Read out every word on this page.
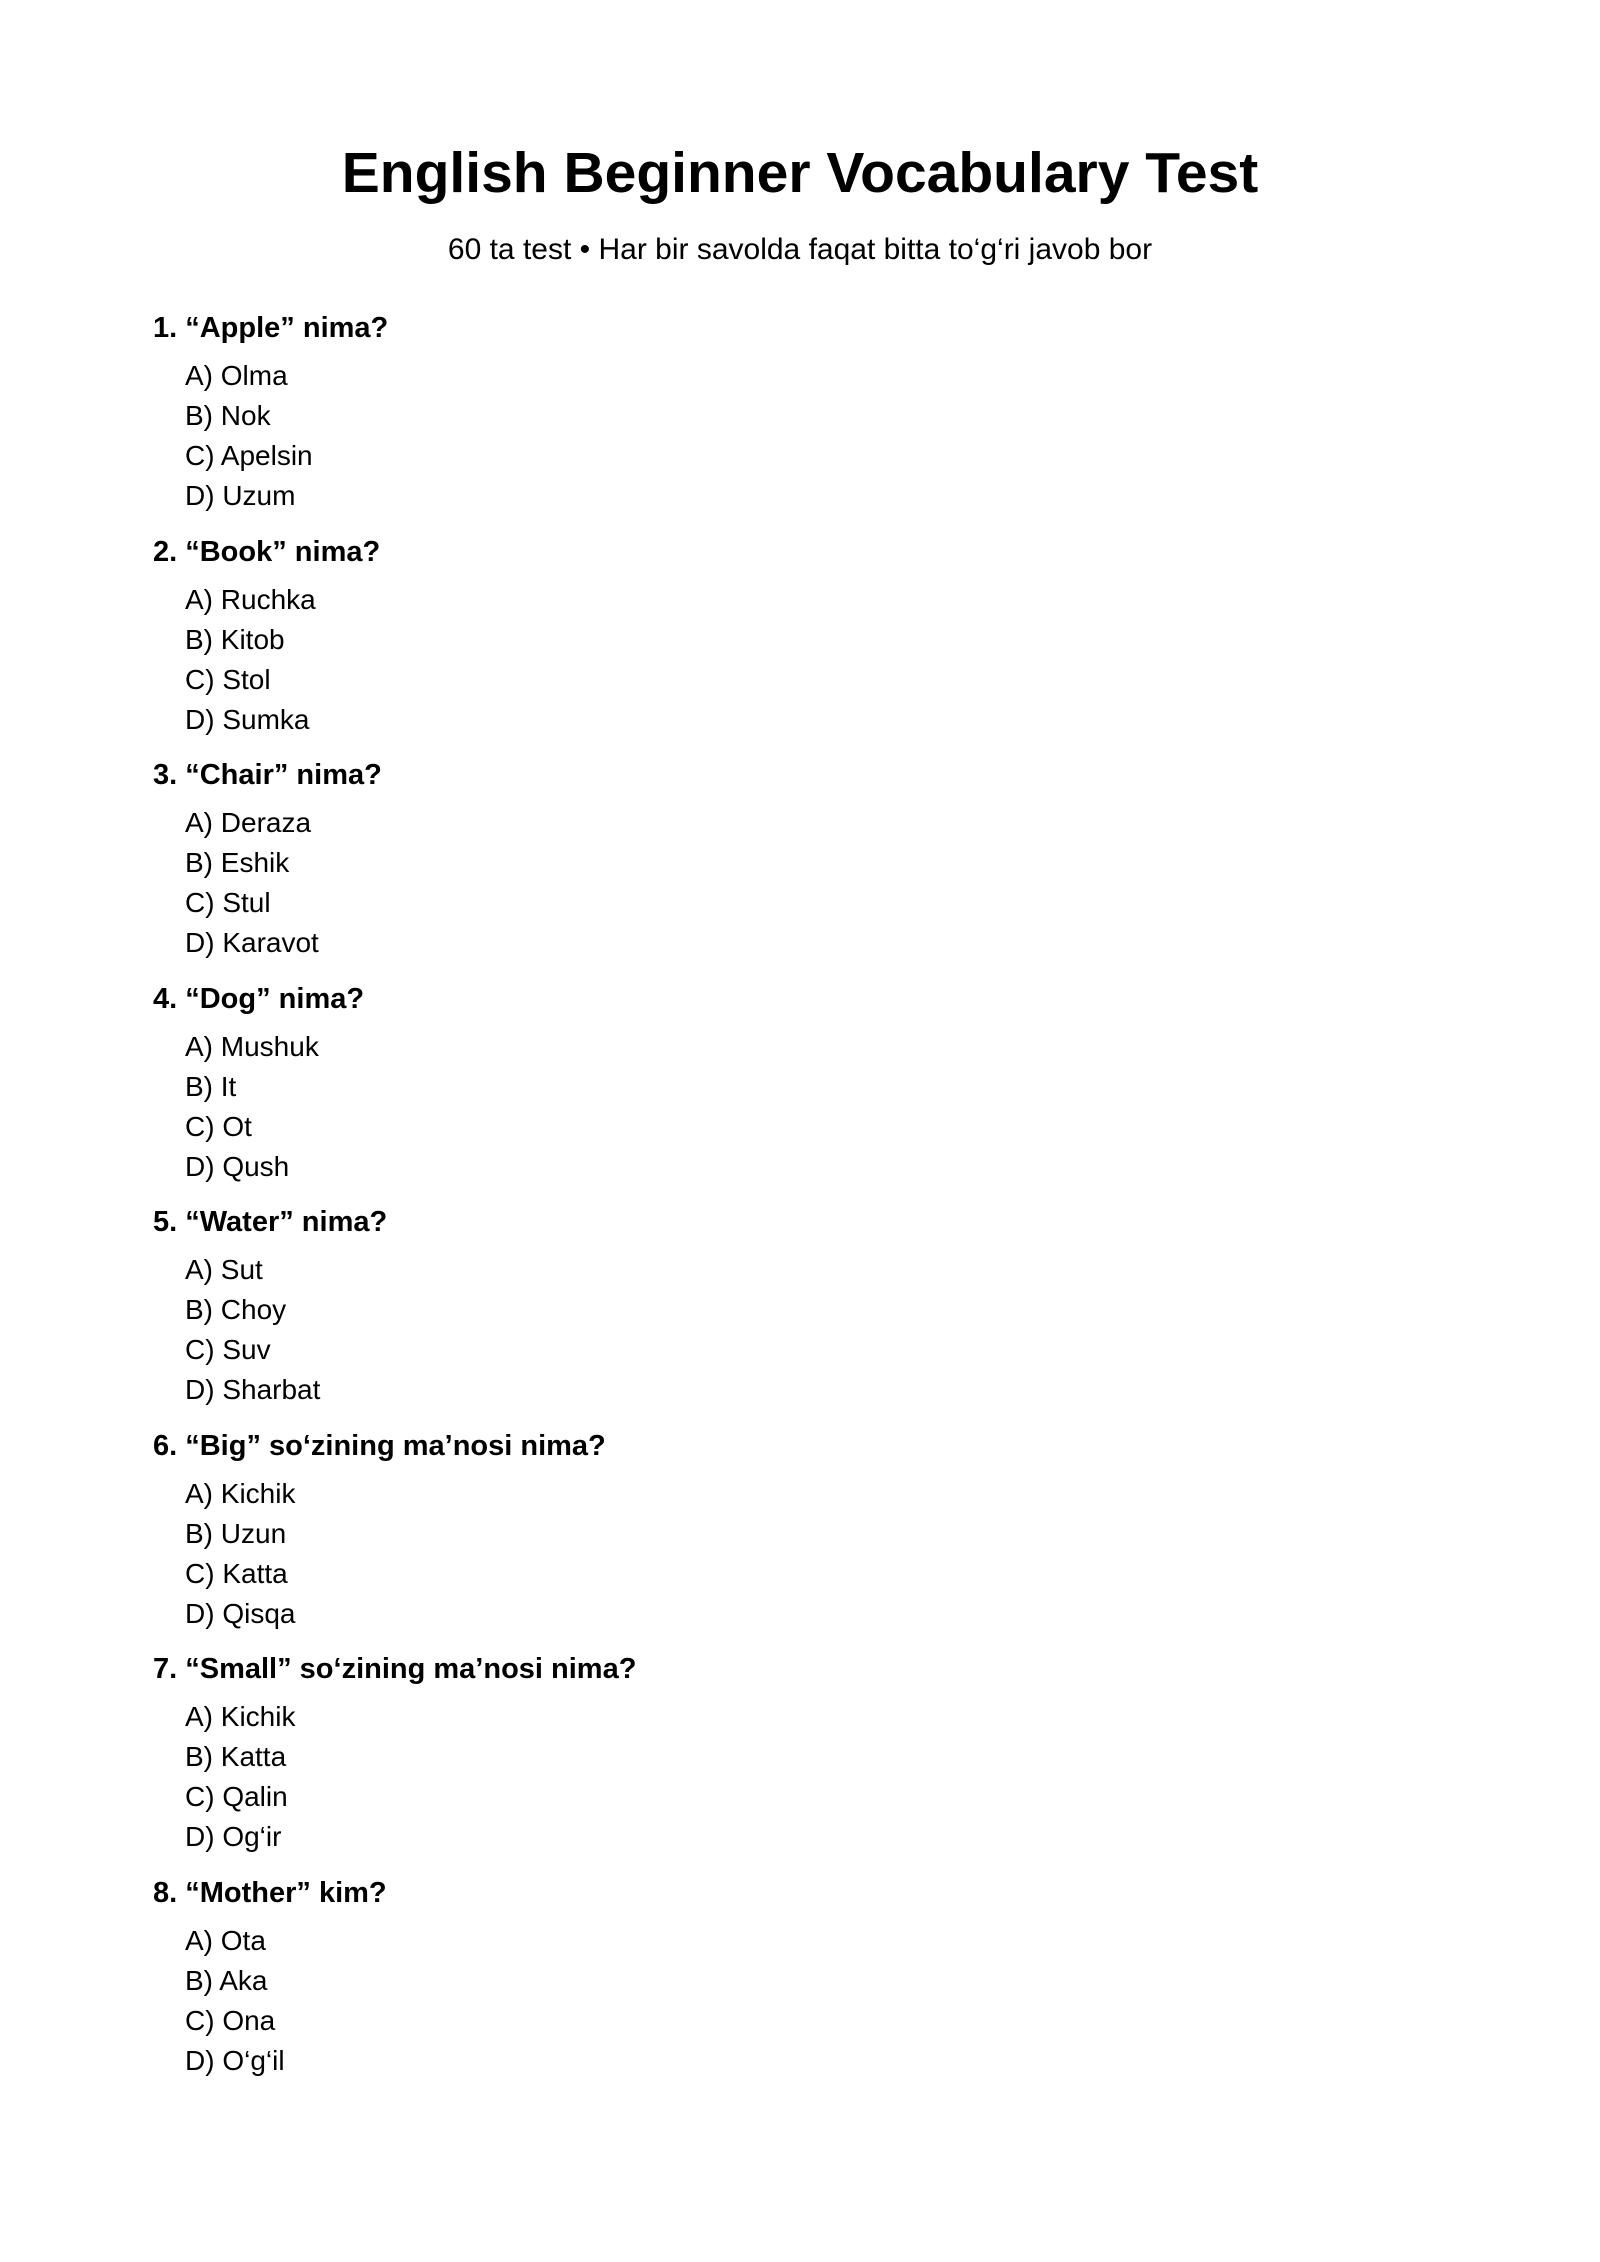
English Beginner Vocabulary Test
60 ta test • Har bir savolda faqat bitta to‘g‘ri javob bor
1. “Apple” nima?
A) Olma
B) Nok
C) Apelsin
D) Uzum
2. “Book” nima?
A) Ruchka
B) Kitob
C) Stol
D) Sumka
3. “Chair” nima?
A) Deraza
B) Eshik
C) Stul
D) Karavot
4. “Dog” nima?
A) Mushuk
B) It
C) Ot
D) Qush
5. “Water” nima?
A) Sut
B) Choy
C) Suv
D) Sharbat
6. “Big” so‘zining ma’nosi nima?
A) Kichik
B) Uzun
C) Katta
D) Qisqa
7. “Small” so‘zining ma’nosi nima?
A) Kichik
B) Katta
C) Qalin
D) Og‘ir
8. “Mother” kim?
A) Ota
B) Aka
C) Ona
D) O‘g‘il
